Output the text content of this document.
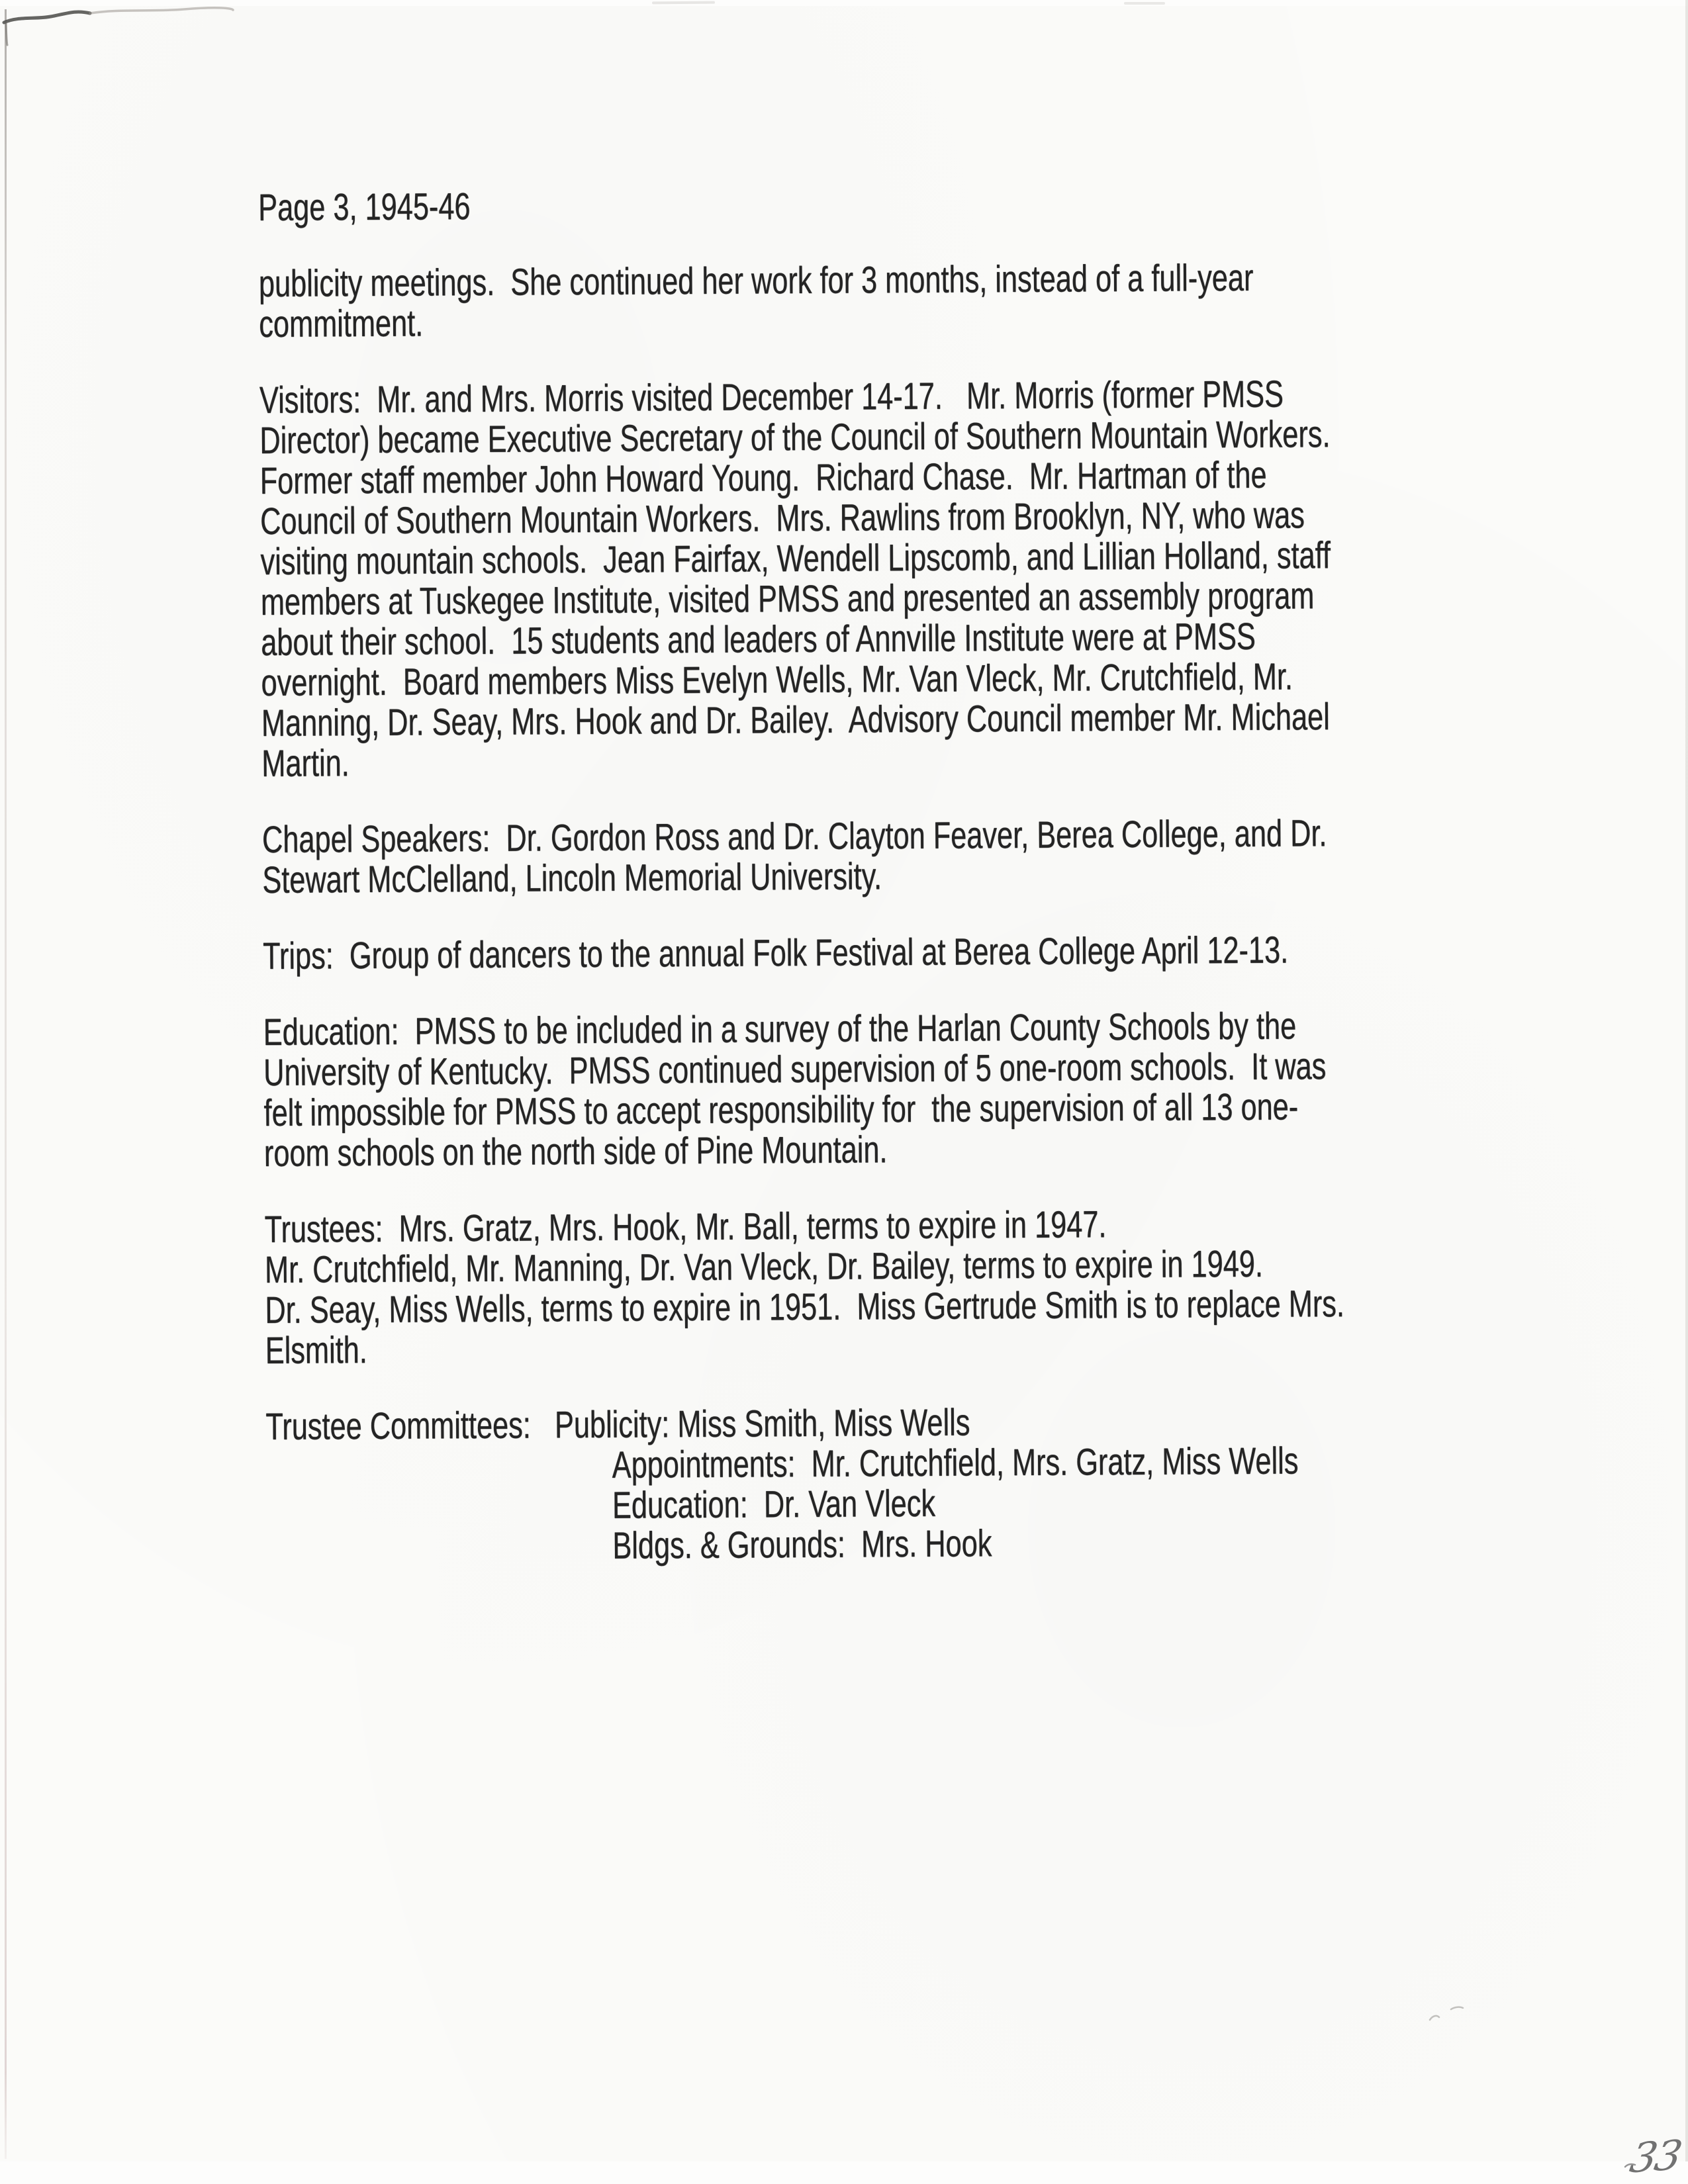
Page 3, 1945-46
publicity meetings.  She continued her work for 3 months, instead of a full-year
commitment.
Visitors:  Mr. and Mrs. Morris visited December 14-17.   Mr. Morris (former PMSS
Director) became Executive Secretary of the Council of Southern Mountain Workers.
Former staff member John Howard Young.  Richard Chase.  Mr. Hartman of the
Council of Southern Mountain Workers.  Mrs. Rawlins from Brooklyn, NY, who was
visiting mountain schools.  Jean Fairfax, Wendell Lipscomb, and Lillian Holland, staff
members at Tuskegee Institute, visited PMSS and presented an assembly program
about their school.  15 students and leaders of Annville Institute were at PMSS
overnight.  Board members Miss Evelyn Wells, Mr. Van Vleck, Mr. Crutchfield, Mr.
Manning, Dr. Seay, Mrs. Hook and Dr. Bailey.  Advisory Council member Mr. Michael
Martin.
Chapel Speakers:  Dr. Gordon Ross and Dr. Clayton Feaver, Berea College, and Dr.
Stewart McClelland, Lincoln Memorial University.
Trips:  Group of dancers to the annual Folk Festival at Berea College April 12-13.
Education:  PMSS to be included in a survey of the Harlan County Schools by the
University of Kentucky.  PMSS continued supervision of 5 one-room schools.  It was
felt impossible for PMSS to accept responsibility for  the supervision of all 13 one-
room schools on the north side of Pine Mountain.
Trustees:  Mrs. Gratz, Mrs. Hook, Mr. Ball, terms to expire in 1947.
Mr. Crutchfield, Mr. Manning, Dr. Van Vleck, Dr. Bailey, terms to expire in 1949.
Dr. Seay, Miss Wells, terms to expire in 1951.  Miss Gertrude Smith is to replace Mrs.
Elsmith.
Trustee Committees:   Publicity: Miss Smith, Miss Wells
Appointments:  Mr. Crutchfield, Mrs. Gratz, Miss Wells
Education:  Dr. Van Vleck
Bldgs. & Grounds:  Mrs. Hook
33
